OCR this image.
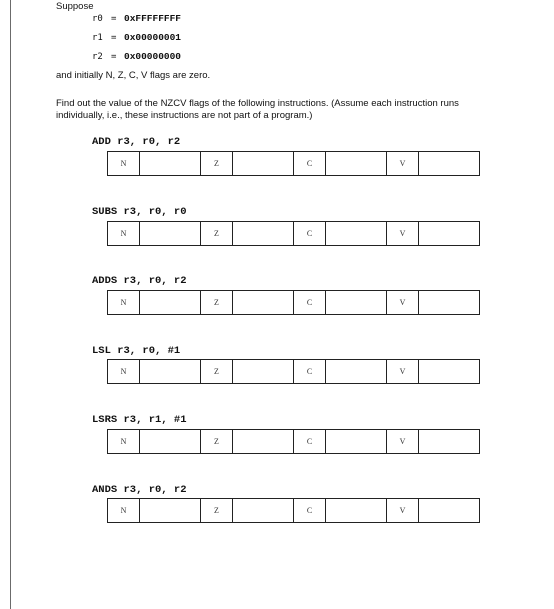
Suppose
r0 = 0xFFFFFFFF
r1 = 0x00000001
r2 = 0x00000000
and initially N, Z, C, V flags are zero.
Find out the value of the NZCV flags of the following instructions. (Assume each instruction runs
individually, i.e., these instructions are not part of a program.)
ADD r3, r0, r2
N		Z		C		V	
SUBS r3, r0, r0
N		Z		C		V	
ADDS r3, r0, r2
N		Z		C		V	
LSL r3, r0, #1
N		Z		C		V	
LSRS r3, r1, #1
N		Z		C		V	
ANDS r3, r0, r2
N		Z		C		V	
